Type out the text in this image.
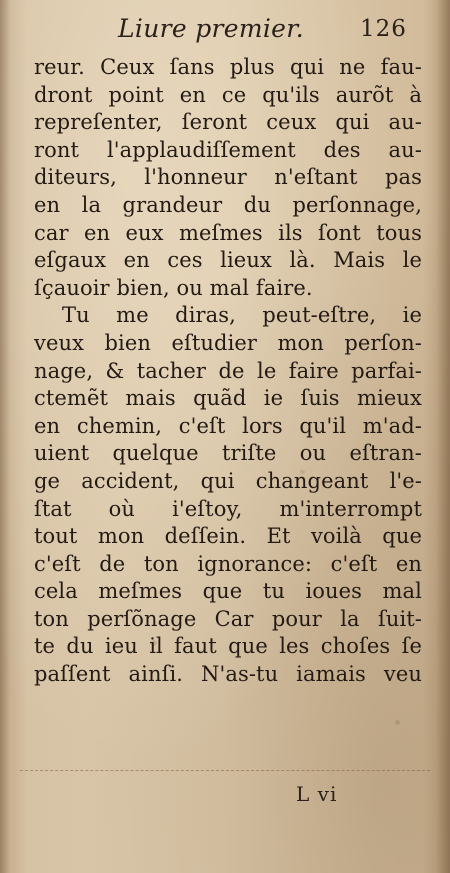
Liure premier. 126
reur. Ceux ſans plus qui ne fau-
dront point en ce qu'ils aurõt à
repreſenter, ſeront ceux qui au-
ront l'applaudiſſement des au-
diteurs, l'honneur n'eſtant pas
en la grandeur du perſonnage,
car en eux meſmes ils ſont tous
eſgaux en ces lieux là. Mais le
ſçauoir bien, ou mal faire.
Tu me diras, peut-eſtre, ie
veux bien eſtudier mon perſon-
nage, & tacher de le faire parfai-
ctemẽt mais quãd ie ſuis mieux
en chemin, c'eſt lors qu'il m'ad-
uient quelque triſte ou eſtran-
ge accident, qui changeant l'e-
ſtat où i'eſtoy, m'interrompt
tout mon deſſein. Et voilà que
c'eſt de ton ignorance: c'eſt en
cela meſmes que tu ioues mal
ton perſõnage Car pour la ſuit-
te du ieu il faut que les choſes ſe
paſſent ainſi. N'as-tu iamais veu
L vi
